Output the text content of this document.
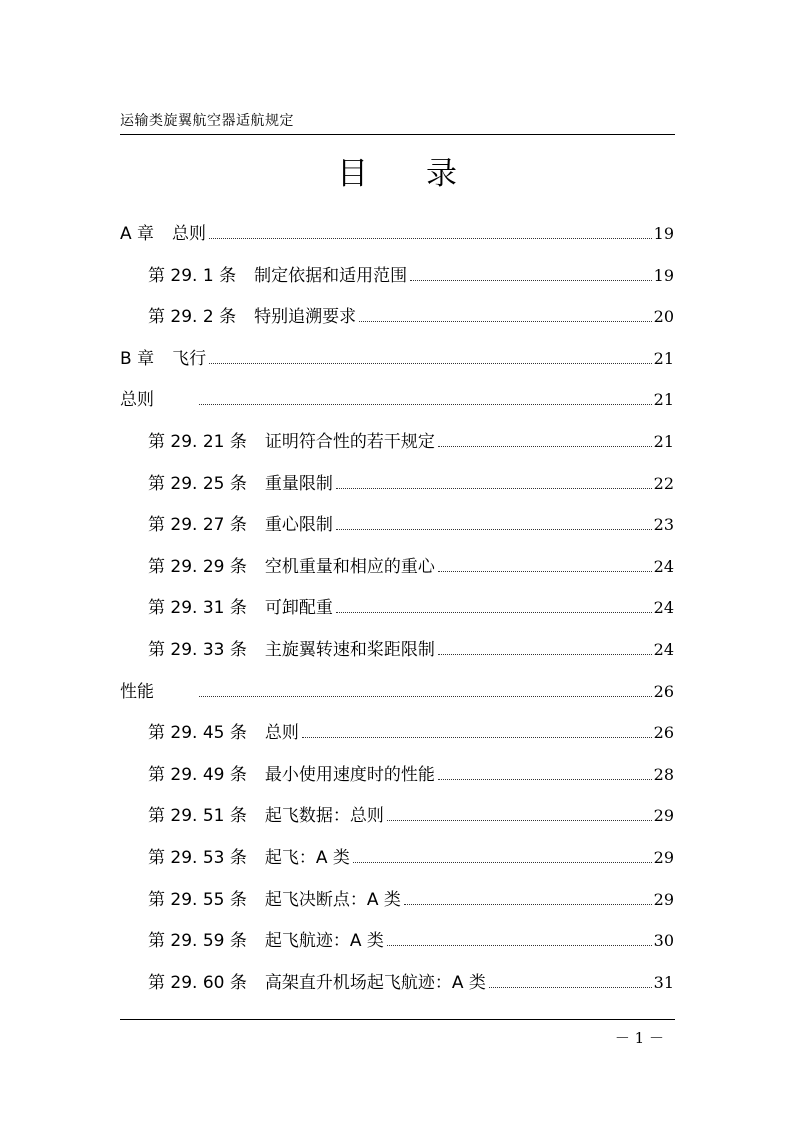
运输类旋翼航空器适航规定
目 录
A 章	总则	19
第 29. 1 条	制定依据和适用范围	19
第 29. 2 条	特别追溯要求	20
B 章	飞行	21
总则	21
第 29. 21 条	证明符合性的若干规定	21
第 29. 25 条	重量限制	22
第 29. 27 条	重心限制	23
第 29. 29 条	空机重量和相应的重心	24
第 29. 31 条	可卸配重	24
第 29. 33 条	主旋翼转速和桨距限制	24
性能	26
第 29. 45 条	总则	26
第 29. 49 条	最小使用速度时的性能	28
第 29. 51 条	起飞数据：总则	29
第 29. 53 条	起飞：A 类	29
第 29. 55 条	起飞决断点：A 类	29
第 29. 59 条	起飞航迹：A 类	30
第 29. 60 条	高架直升机场起飞航迹：A 类	31
－ 1 －
